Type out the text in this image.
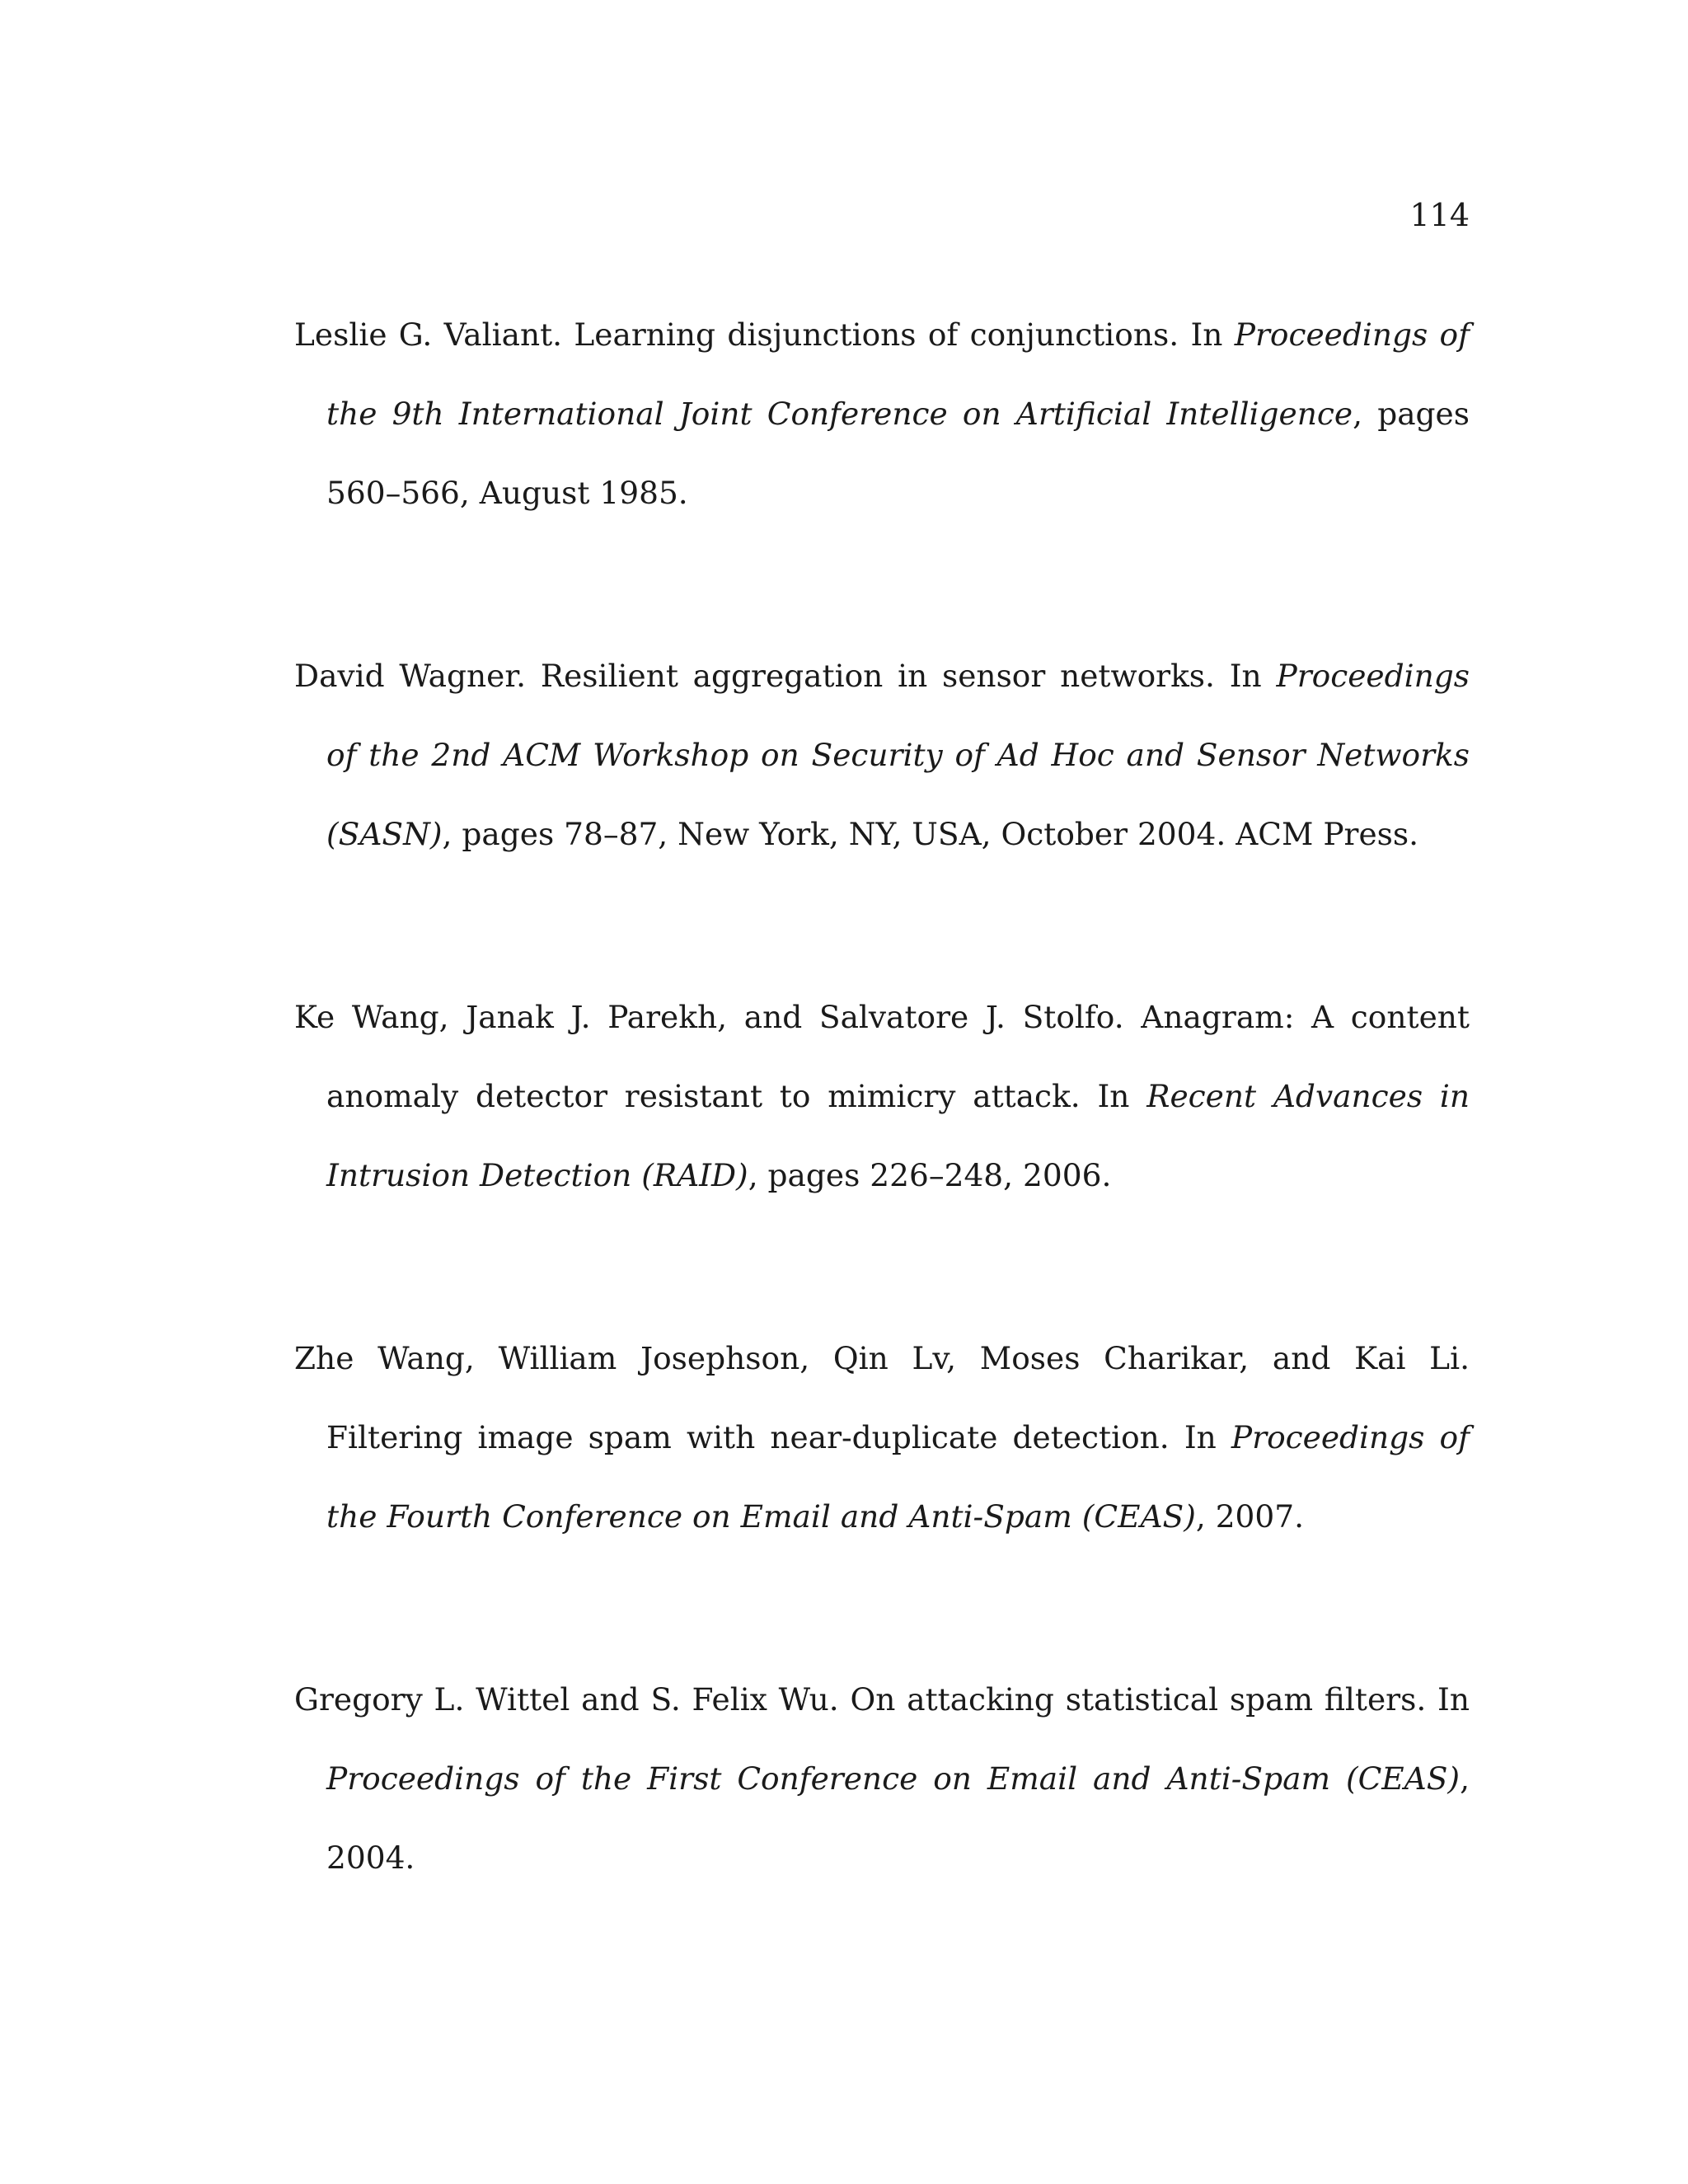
114

Leslie G. Valiant. Learning disjunctions of conjunctions. In Proceedings of the 9th International Joint Conference on Artificial Intelligence, pages 560–566, August 1985.

David Wagner. Resilient aggregation in sensor networks. In Proceedings of the 2nd ACM Workshop on Security of Ad Hoc and Sensor Networks (SASN), pages 78–87, New York, NY, USA, October 2004. ACM Press.

Ke Wang, Janak J. Parekh, and Salvatore J. Stolfo. Anagram: A content anomaly detector resistant to mimicry attack. In Recent Advances in Intrusion Detection (RAID), pages 226–248, 2006.

Zhe Wang, William Josephson, Qin Lv, Moses Charikar, and Kai Li. Filtering image spam with near-duplicate detection. In Proceedings of the Fourth Conference on Email and Anti-Spam (CEAS), 2007.

Gregory L. Wittel and S. Felix Wu. On attacking statistical spam filters. In Proceedings of the First Conference on Email and Anti-Spam (CEAS), 2004.
